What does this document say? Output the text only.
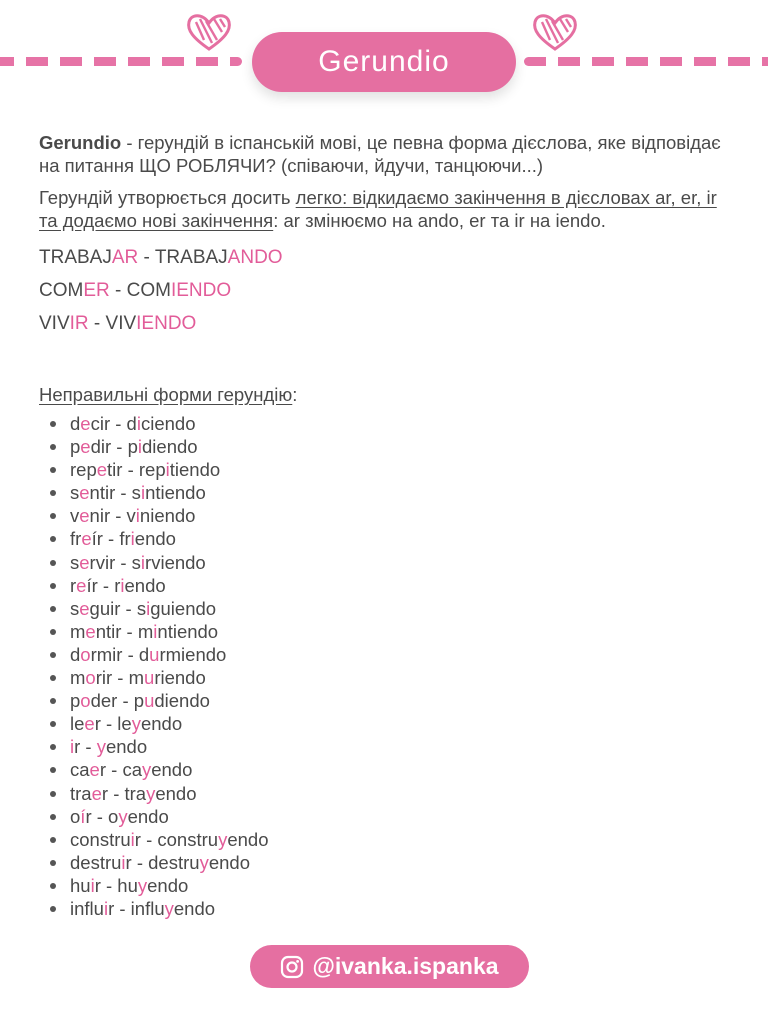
Gerundio

Gerundio - герундій в іспанській мові, це певна форма дієслова, яке відповідає на питання ЩО РОБЛЯЧИ? (співаючи, йдучи, танцюючи...)

Герундій утворюється досить легко: відкидаємо закінчення в дієсловах ar, er, ir та додаємо нові закінчення: ar змінюємо на ando, er та ir на iendo.

TRABAJAR - TRABAJANDO

COMER - COMIENDO

VIVIR - VIVIENDO

Неправильні форми герундію:

decir - diciendo
pedir - pidiendo
repetir - repitiendo
sentir - sintiendo
venir - viniendo
freír - friendo
servir - sirviendo
reír - riendo
seguir - siguiendo
mentir - mintiendo
dormir - durmiendo
morir - muriendo
poder - pudiendo
leer - leyendo
ir - yendo
caer - cayendo
traer - trayendo
oír - oyendo
construir - construyendo
destruir - destruyendo
huir - huyendo
influir - influyendo
@ivanka.ispanka
